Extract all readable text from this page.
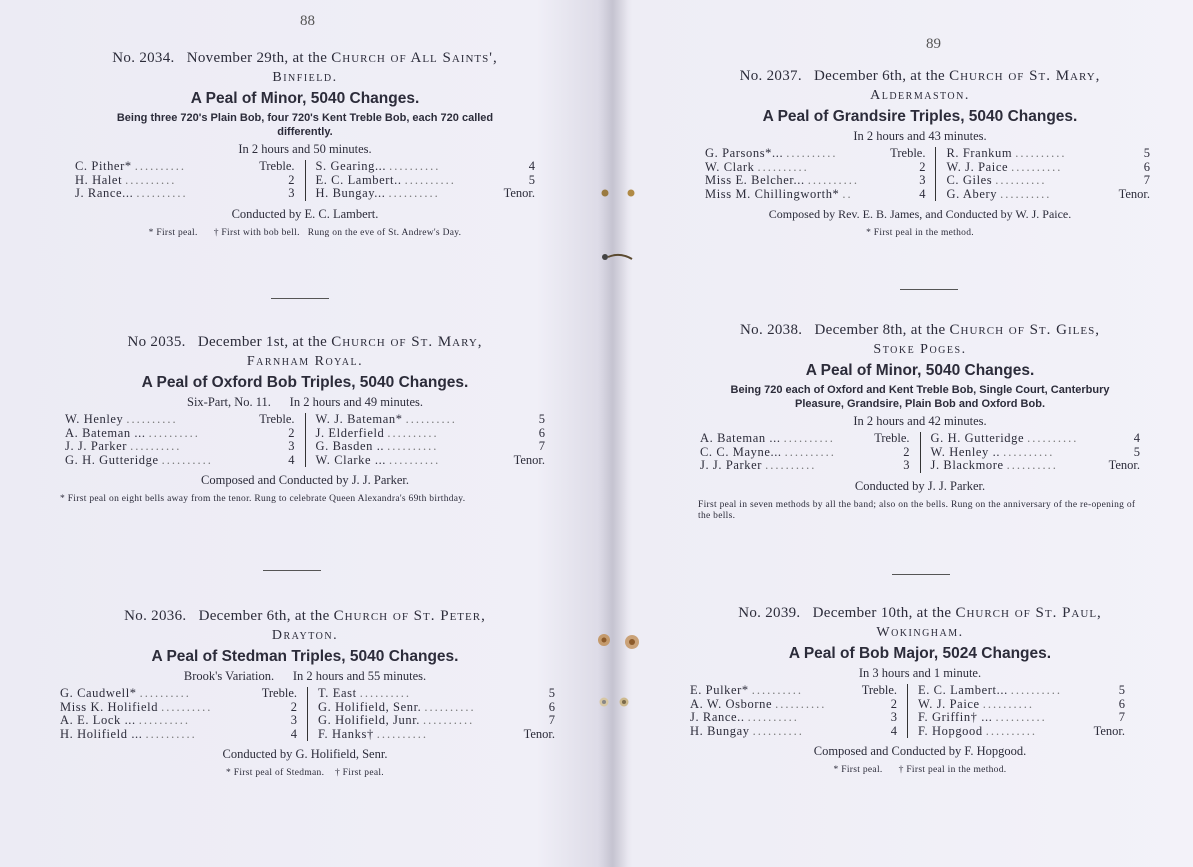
88
No. 2034. November 29th, at the Church of All Saints',
Binfield.
A Peal of Minor, 5040 Changes.
Being three 720's Plain Bob, four 720's Kent Treble Bob, each 720 called differently.
In 2 hours and 50 minutes.
C. Pither* ..........	Treble.
H. Halet ..........	2
J. Rance... ..........	3
S. Gearing... ..........	4
E. C. Lambert.. ..........	5
H. Bungay... ..........	Tenor.
Conducted by E. C. Lambert.
* First peal.      † First with bob bell.   Rung on the eve of St. Andrew's Day.
No 2035. December 1st, at the Church of St. Mary,
Farnham Royal.
A Peal of Oxford Bob Triples, 5040 Changes.
Six-Part, No. 11.      In 2 hours and 49 minutes.
W. Henley ..........	Treble.
A. Bateman ... ..........	2
J. J. Parker ..........	3
G. H. Gutteridge ..........	4
W. J. Bateman* ..........	5
J. Elderfield ..........	6
G. Basden .. ..........	7
W. Clarke ... ..........	Tenor.
Composed and Conducted by J. J. Parker.
* First peal on eight bells away from the tenor. Rung to celebrate Queen Alexandra's 69th birthday.
No. 2036. December 6th, at the Church of St. Peter,
Drayton.
A Peal of Stedman Triples, 5040 Changes.
Brook's Variation.      In 2 hours and 55 minutes.
G. Caudwell* ..........	Treble.
Miss K. Holifield ..........	2
A. E. Lock ... ..........	3
H. Holifield ... ..........	4
T. East ..........	5
G. Holifield, Senr. ..........	6
G. Holifield, Junr. ..........	7
F. Hanks† ..........	Tenor.
Conducted by G. Holifield, Senr.
* First peal of Stedman.    † First peal.
89
No. 2037. December 6th, at the Church of St. Mary,
Aldermaston.
A Peal of Grandsire Triples, 5040 Changes.
In 2 hours and 43 minutes.
G. Parsons*... ..........	Treble.
W. Clark ..........	2
Miss E. Belcher... ..........	3
Miss M. Chillingworth* ..	4
R. Frankum ..........	5
W. J. Paice ..........	6
C. Giles ..........	7
G. Abery ..........	Tenor.
Composed by Rev. E. B. James, and Conducted by W. J. Paice.
* First peal in the method.
No. 2038. December 8th, at the Church of St. Giles,
Stoke Poges.
A Peal of Minor, 5040 Changes.
Being 720 each of Oxford and Kent Treble Bob, Single Court, Canterbury Pleasure, Grandsire, Plain Bob and Oxford Bob.
In 2 hours and 42 minutes.
A. Bateman ... ..........	Treble.
C. C. Mayne... ..........	2
J. J. Parker ..........	3
G. H. Gutteridge ..........	4
W. Henley .. ..........	5
J. Blackmore ..........	Tenor.
Conducted by J. J. Parker.
First peal in seven methods by all the band; also on the bells. Rung on the anniversary of the re-opening of the bells.
No. 2039. December 10th, at the Church of St. Paul,
Wokingham.
A Peal of Bob Major, 5024 Changes.
In 3 hours and 1 minute.
E. Pulker* ..........	Treble.
A. W. Osborne ..........	2
J. Rance.. ..........	3
H. Bungay ..........	4
E. C. Lambert... ..........	5
W. J. Paice ..........	6
F. Griffin† ... ..........	7
F. Hopgood ..........	Tenor.
Composed and Conducted by F. Hopgood.
* First peal.      † First peal in the method.
